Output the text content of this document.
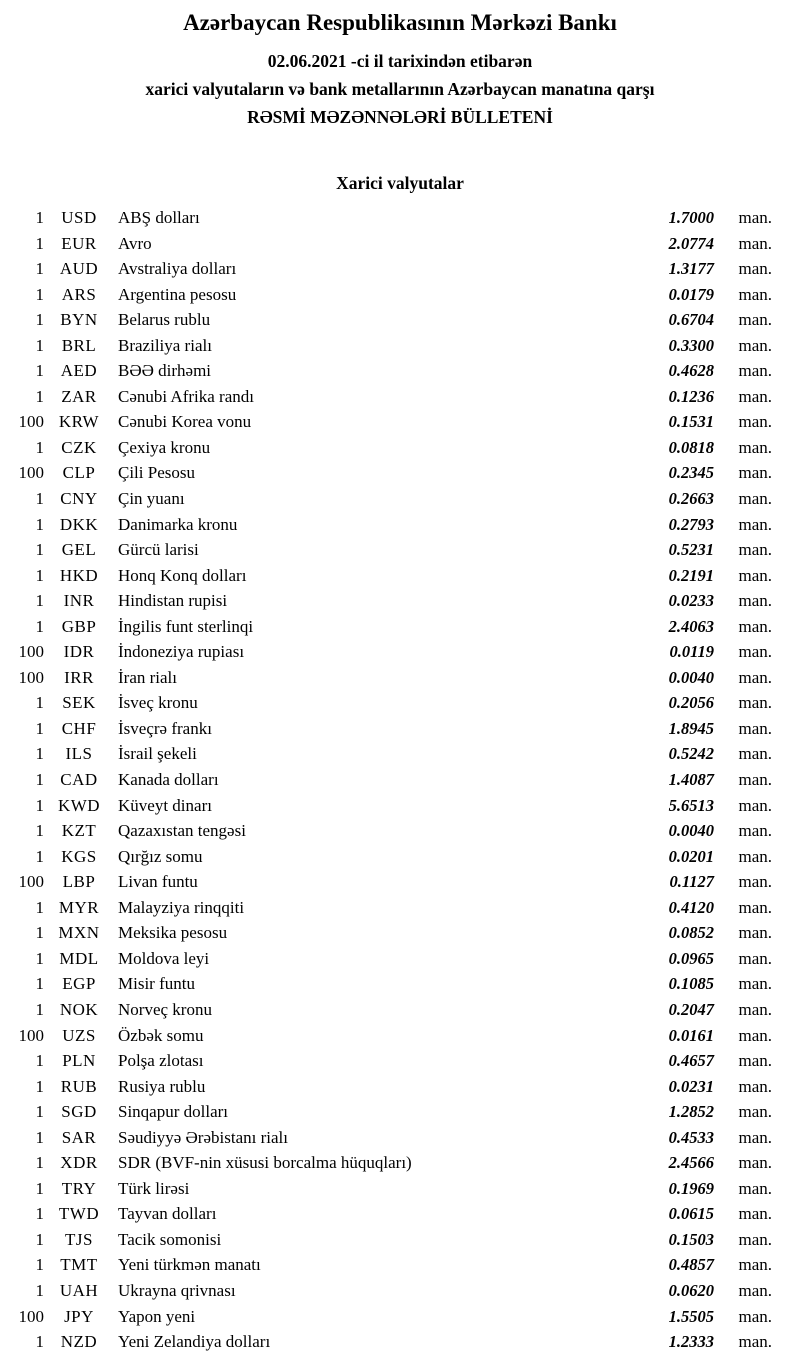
Azərbaycan Respublikasının Mərkəzi Bankı
02.06.2021 -ci il tarixindən etibarən
xarici valyutaların və bank metallarının Azərbaycan manatına qarşı
RƏSMİ MƏZƏNNƏLƏRİ BÜLLETENİ
Xarici valyutalar
1	USD	ABŞ dolları	1.7000	man.
1	EUR	Avro	2.0774	man.
1 AUD	Avstraliya dolları	1.3177	man.
1	ARS	Argentina pesosu	0.0179	man.
1 BYN	Belarus rublu	0.6704	man.
1	BRL	Braziliya rialı	0.3300	man.
1 AED	BƏƏ dirhəmi	0.4628	man.
1	ZAR	Cənubi Afrika randı	0.1236	man.
100 KRW	Cənubi Korea vonu	0.1531	man.
1	CZK	Çexiya kronu	0.0818	man.
100	CLP	Çili Pesosu	0.2345	man.
1 CNY	Çin yuanı	0.2663	man.
1 DKK	Danimarka kronu	0.2793	man.
1	GEL	Gürcü larisi	0.5231	man.
1 HKD	Honq Konq dolları	0.2191	man.
1	INR	Hindistan rupisi	0.0233	man.
1	GBP	İngilis funt sterlinqi	2.4063	man.
100	IDR	İndoneziya rupiası	0.0119	man.
100	IRR	İran rialı	0.0040	man.
1	SEK	İsveç kronu	0.2056	man.
1	CHF	İsveçrə frankı	1.8945	man.
1	ILS	İsrail şekeli	0.5242	man.
1 CAD	Kanada dolları	1.4087	man.
1 KWD	Küveyt dinarı	5.6513	man.
1	KZT	Qazaxıstan tengəsi	0.0040	man.
1	KGS	Qırğız somu	0.0201	man.
100	LBP	Livan funtu	0.1127	man.
1 MYR	Malayziya rinqqiti	0.4120	man.
1 MXN	Meksika pesosu	0.0852	man.
1 MDL	Moldova leyi	0.0965	man.
1	EGP	Misir funtu	0.1085	man.
1 NOK	Norveç kronu	0.2047	man.
100	UZS	Özbək somu	0.0161	man.
1	PLN	Polşa zlotası	0.4657	man.
1 RUB	Rusiya rublu	0.0231	man.
1	SGD	Sinqapur dolları	1.2852	man.
1	SAR	Səudiyyə Ərəbistanı rialı	0.4533	man.
1 XDR	SDR (BVF-nin xüsusi borcalma hüquqları)	2.4566	man.
1	TRY	Türk lirəsi	0.1969	man.
1 TWD	Tayvan dolları	0.0615	man.
1	TJS	Tacik somonisi	0.1503	man.
1 TMT	Yeni türkmən manatı	0.4857	man.
1 UAH	Ukrayna qrivnası	0.0620	man.
100	JPY	Yapon yeni	1.5505	man.
1 NZD	Yeni Zelandiya dolları	1.2333	man.
